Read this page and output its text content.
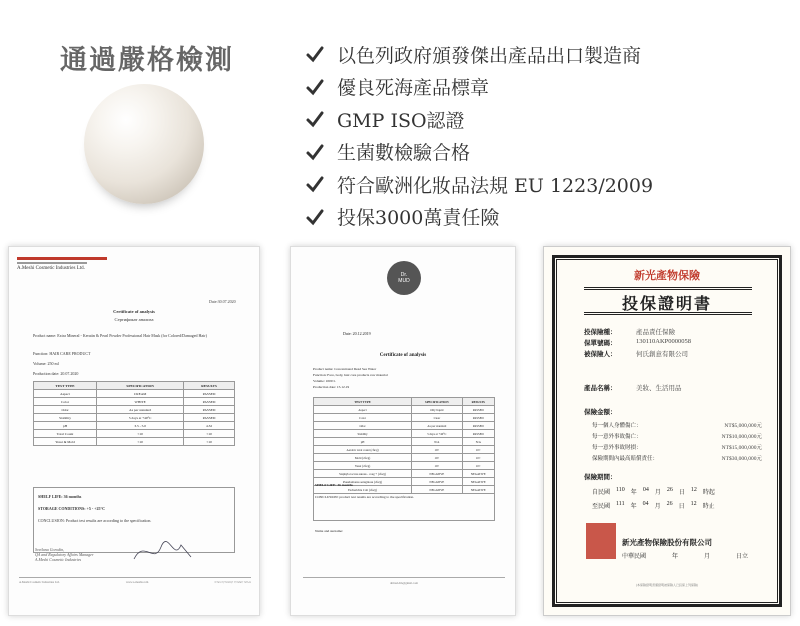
通過嚴格檢測	以色列政府頒發傑出產品出口製造商
優良死海產品標章
GMP ISO認證
生菌數檢驗合格
符合歐洲化妝品法規 EU 1223/2009
投保3000萬責任險
A.Meshi Cosmetic Industries Ltd.
Date:30.07.2020
Certificate of analysis
Сертификат анализа
Product name: Extra Mineral - Keratin & Pearl Powder Professional Hair Mask (for Colored/Damaged Hair)
Function: HAIR CARE PRODUCT
Volume: 250 ml
Production date: 20.07.2020
TEST TYPE	SPECIFICATION	RESULTS
Aspect	CREAM	PASSED
Color	WHITE	PASSED
Odor	As per standard	PASSED
Stability	5 days at +40°C	PASSED
pH	3.5 - 5.0	4.32
Total Count	<10	<10
Yeast & Mold	<10	<10
SHELF LIFE: 36 months
STORAGE CONDITIONS: +5 - +25°C
CONCLUSION: Product test results are according to the specification.
Svetlana Gorodin,
QA and Regulatory Affairs Manager
A.Meshi Cosmetic Industries
A.Meshi Cosmetic Industries Ltd.	www.a-meshi.com	א.משי תעשיות קוסמטיקה בע"מ
Dr.
MUD
Date: 20.12.2019
Certificate of analysis
Product name: Concentrated Dead Sea Water
Function: Face, body, hair care products raw material
Volume: 1000 L
Production date: 15.12.19
TEST TYPE	SPECIFICATION	RESULTS
Aspect	Oily liquid	PASSED
Color	Clear	PASSED
Odor	As per standard	PASSED
Stability	5 days at +40°C	PASSED
pH	N/A	N/A
Aerobic total count (cfu/g)	10>	10>
Mold (cfu/g)	10>	10>
Yeast (cfu/g)	10>	10>
Staphylococcus aureus - coag + (cfu/g)	NEGATIVE	NEGATIVE
Pseudomonas aeruginosa (cfu/g)	NEGATIVE	NEGATIVE
Escherichia Coli (cfu/g)	NEGATIVE	NEGATIVE
SHELF LIFE: 36 months
CONCLUSION: product test results are according to the specification.
Name and surname:
drmud.dm@gmail.com
新光產物保險
投保證明書
投保險種：	產品責任保險
保單號碼：	130110AKP0000058
被保險人：	何氏創意有限公司
產品名稱：	美妝、生活用品
保險金額：
每一個人身體傷亡：	NT$5,000,000元
每一意外事故傷亡：	NT$10,000,000元
每一意外事故財損：	NT$15,000,000元
保險期間內最高賠償責任：	NT$30,000,000元
保險期間：
自民國 110 年 04 月 26 日 12 時起
至民國 111 年 04 月 26 日 12 時止
新光產物保險股份有限公司
中華民國	年	月	日立
(本保險證明書僅證明被保險人已投保上列保險)
